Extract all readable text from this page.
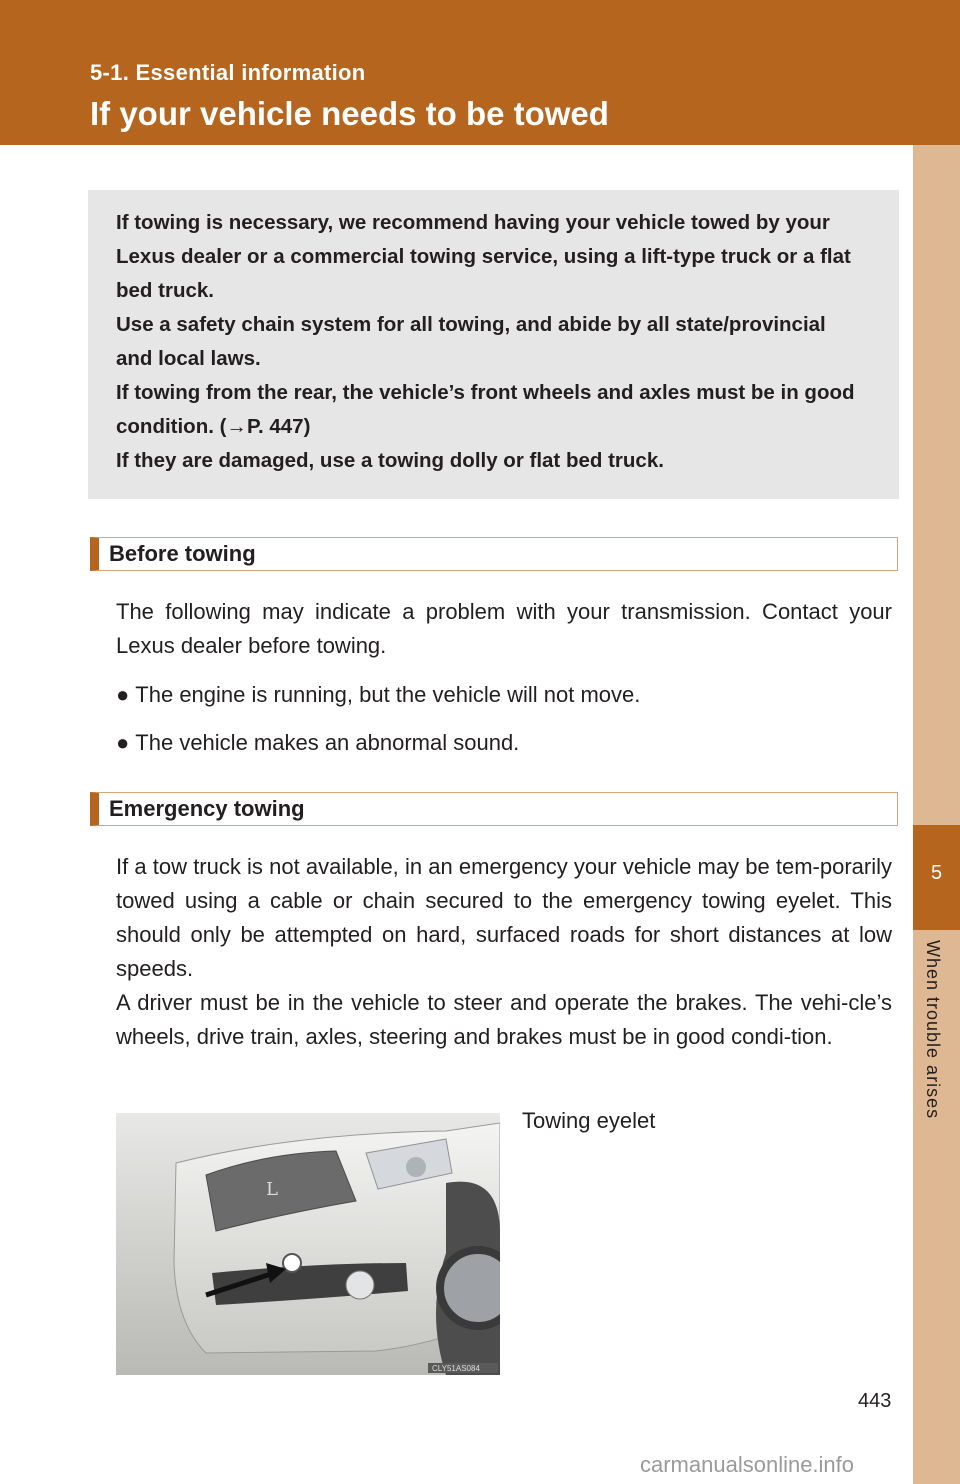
5-1. Essential information
If your vehicle needs to be towed
5
When trouble arises

If towing is necessary, we recommend having your vehicle towed by your

Lexus dealer or a commercial towing service, using a lift-type truck or a flat

bed truck.

Use a safety chain system for all towing, and abide by all state/provincial

and local laws.

If towing from the rear, the vehicle’s front wheels and axles must be in good

condition. (→P. 447)

If they are damaged, use a towing dolly or flat bed truck.

Before towing

The following may indicate a problem with your transmission. Contact your Lexus dealer before towing.

● The engine is running, but the vehicle will not move.
● The vehicle makes an abnormal sound.
Emergency towing

If a tow truck is not available, in an emergency your vehicle may be tem-porarily towed using a cable or chain secured to the emergency towing eyelet. This should only be attempted on hard, surfaced roads for short distances at low speeds.

A driver must be in the vehicle to steer and operate the brakes. The vehi-cle’s wheels, drive train, axles, steering and brakes must be in good condi-tion.

L
CLY51AS084
Towing eyelet
443
carmanualsonline.info
